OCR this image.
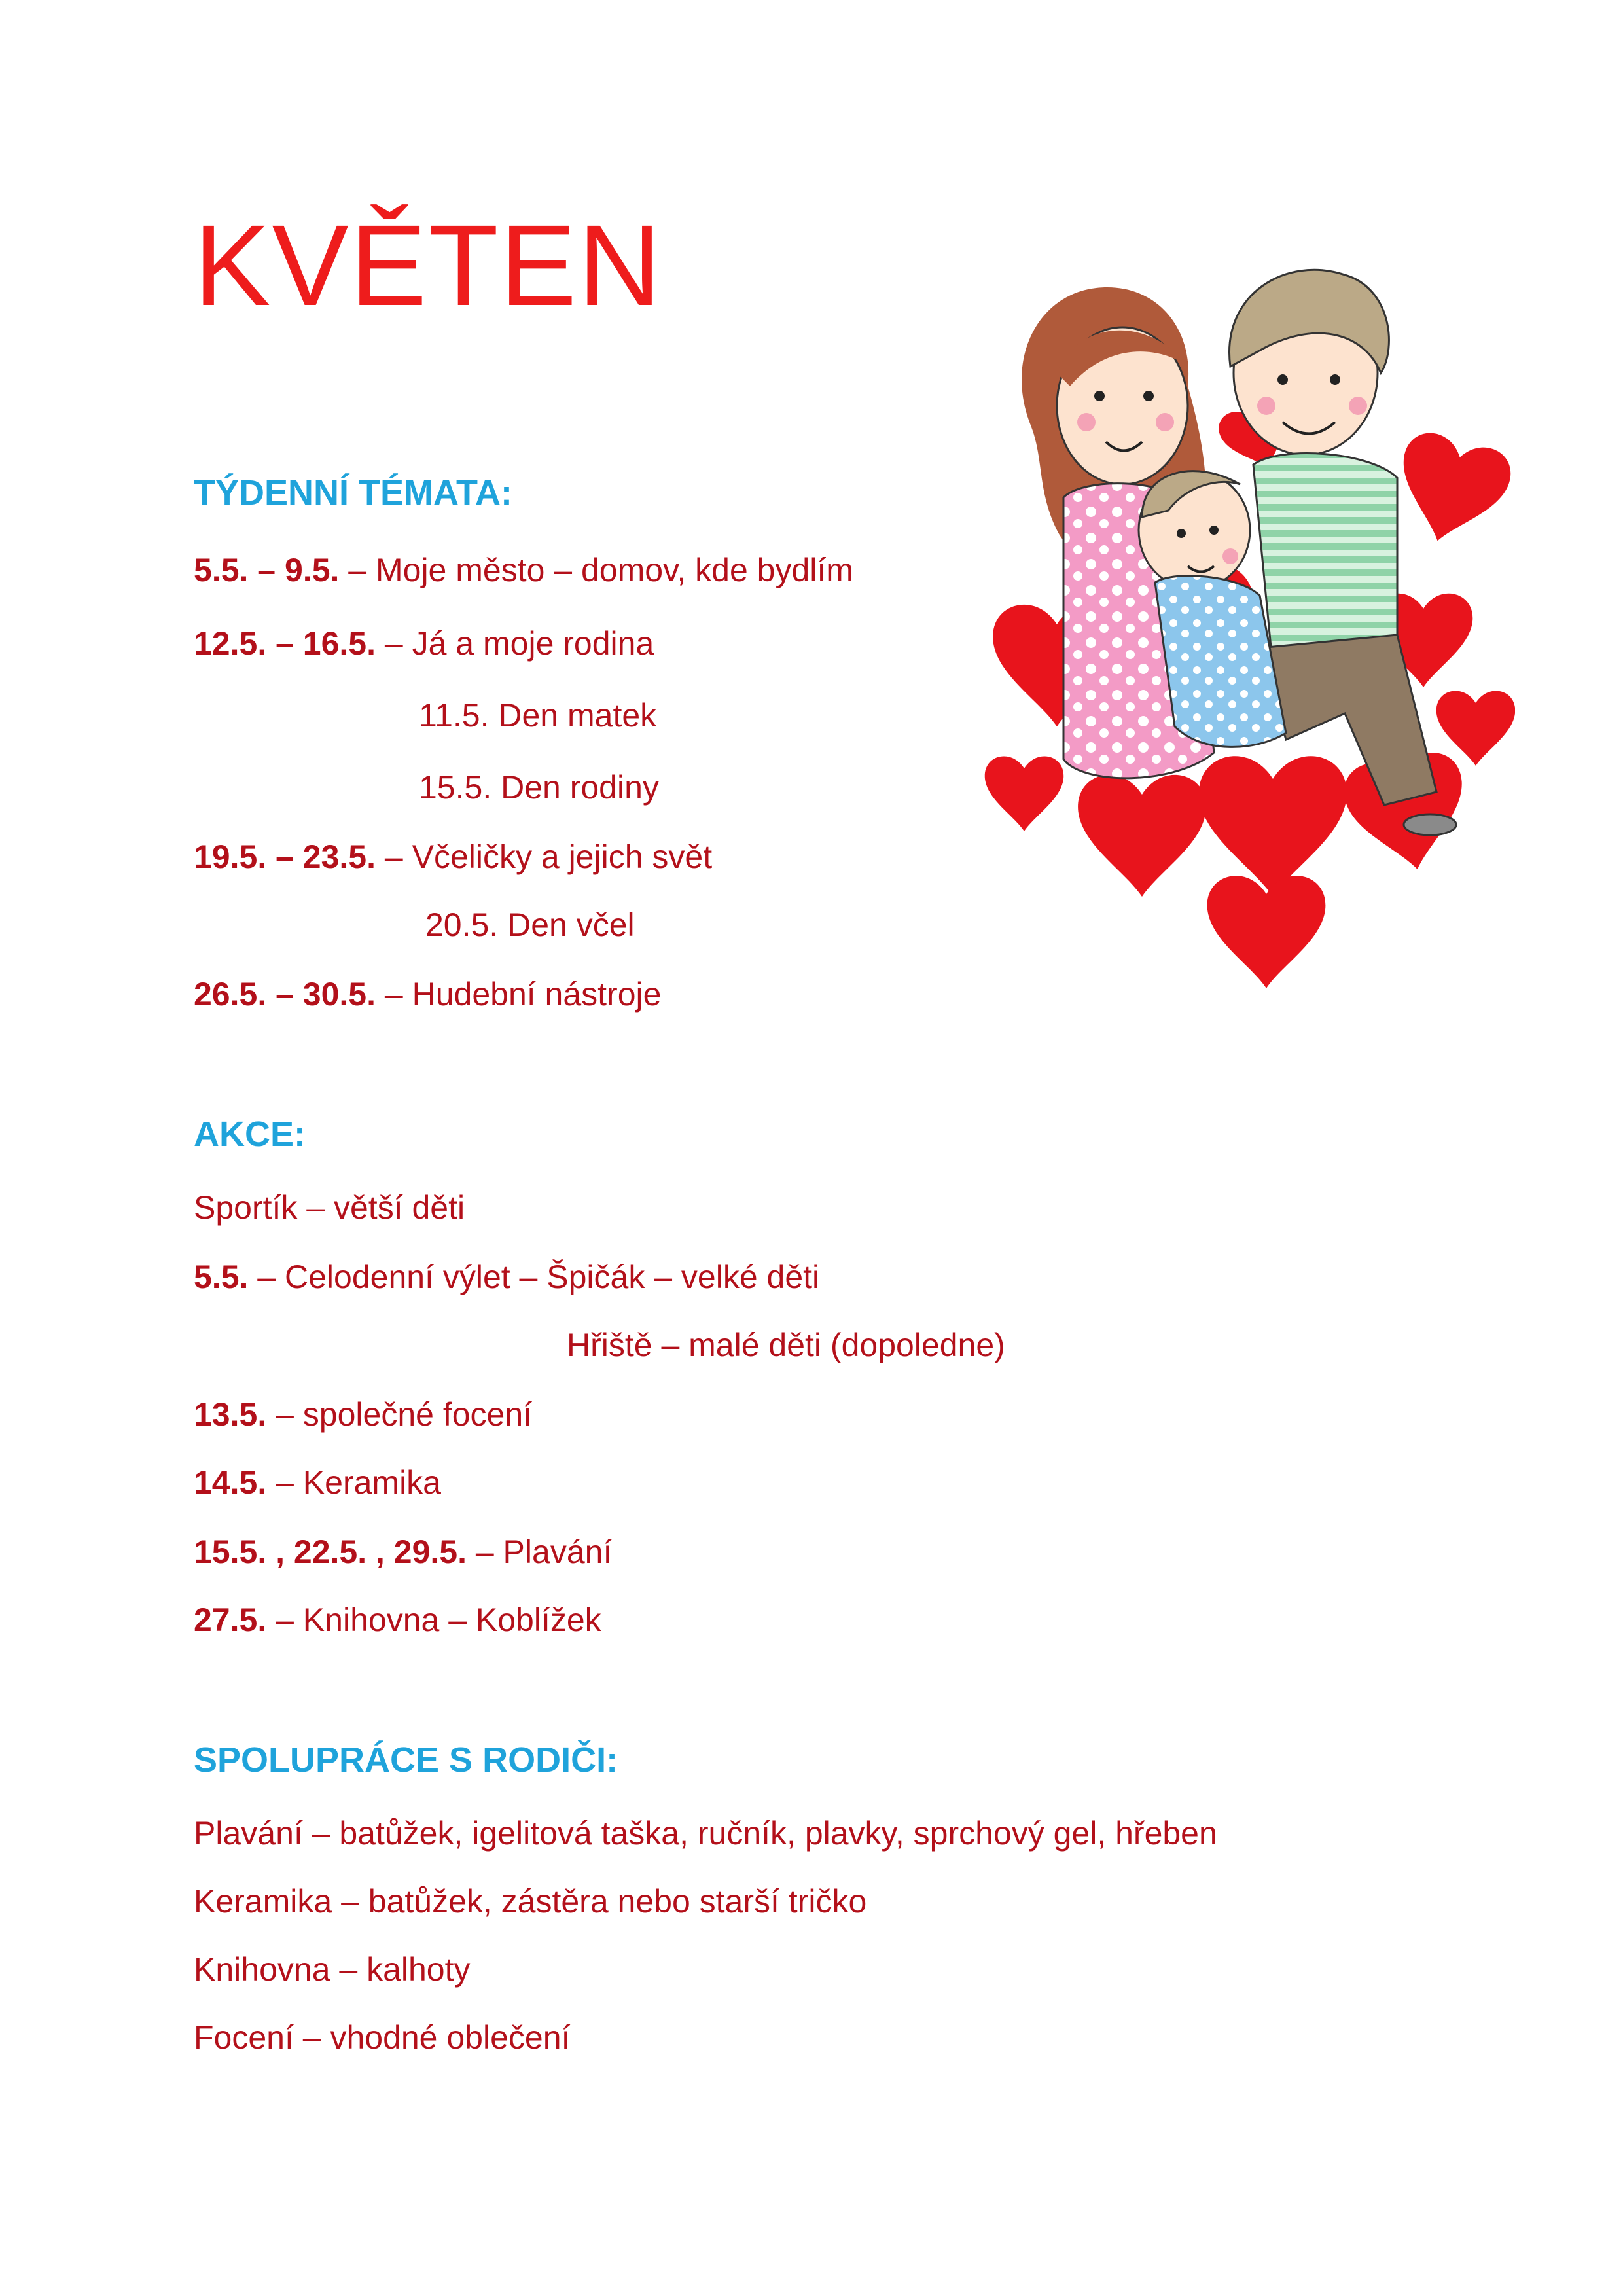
KVĚTEN
TÝDENNÍ TÉMATA:
5.5. – 9.5. – Moje město – domov, kde bydlím
12.5. – 16.5. – Já a moje rodina
11.5. Den matek
15.5. Den rodiny
19.5. – 23.5. – Včeličky a jejich svět
20.5. Den včel
26.5. – 30.5. – Hudební nástroje
AKCE:
Sportík – větší děti
5.5. – Celodenní výlet – Špičák – velké děti
Hřiště – malé děti (dopoledne)
13.5. – společné focení
14.5. – Keramika
15.5. , 22.5. , 29.5. – Plavání
27.5. – Knihovna – Koblížek
SPOLUPRÁCE S RODIČI:
Plavání – batůžek, igelitová taška, ručník, plavky, sprchový gel, hřeben
Keramika – batůžek, zástěra nebo starší tričko
Knihovna – kalhoty
Focení – vhodné oblečení
